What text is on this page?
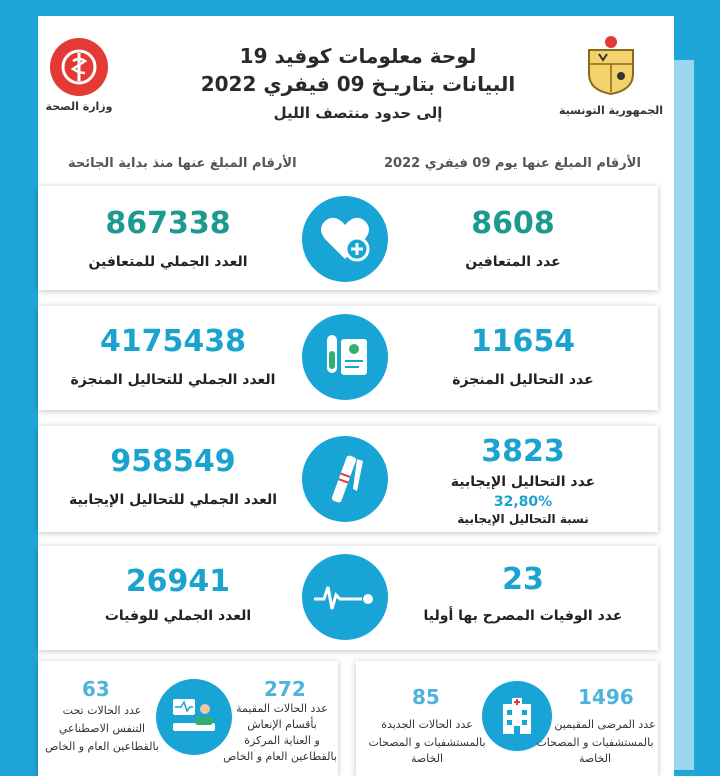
وزارة الصحة
لوحة معلومات كوفيد 19
البيانات بتاريـخ 09 فيفري 2022
إلى حدود منتصف الليل	الجمهورية التونسية
الأرقام المبلغ عنها منذ بداية الجائحة	الأرقام المبلغ عنها يوم 09 فيفري 2022
867338
العدد الجملي للمتعافين
8608
عدد المتعافين
4175438
العدد الجملي للتحاليل المنجزة
11654
عدد التحاليل المنجزة
958549
العدد الجملي للتحاليل الإيجابية
3823
عدد التحاليل الإيجابية
32,80%
نسبة التحاليل الإيجابية
26941
العدد الجملي للوفيات
23
عدد الوفيات المصرح بها أوليا
63
عدد الحالات تحت
التنفس الاصطناعي
بالقطاعين العام و الخاص
272
عدد الحالات المقيمة
بأقسام الإنعاش
و العناية المركزة
بالقطاعين العام و الخاص
85
عدد الحالات الجديدة
بالمستشفيات و المصحات الخاصة
1496
عدد المرضى المقيمين
بالمستشفيات و المصحات الخاصة
